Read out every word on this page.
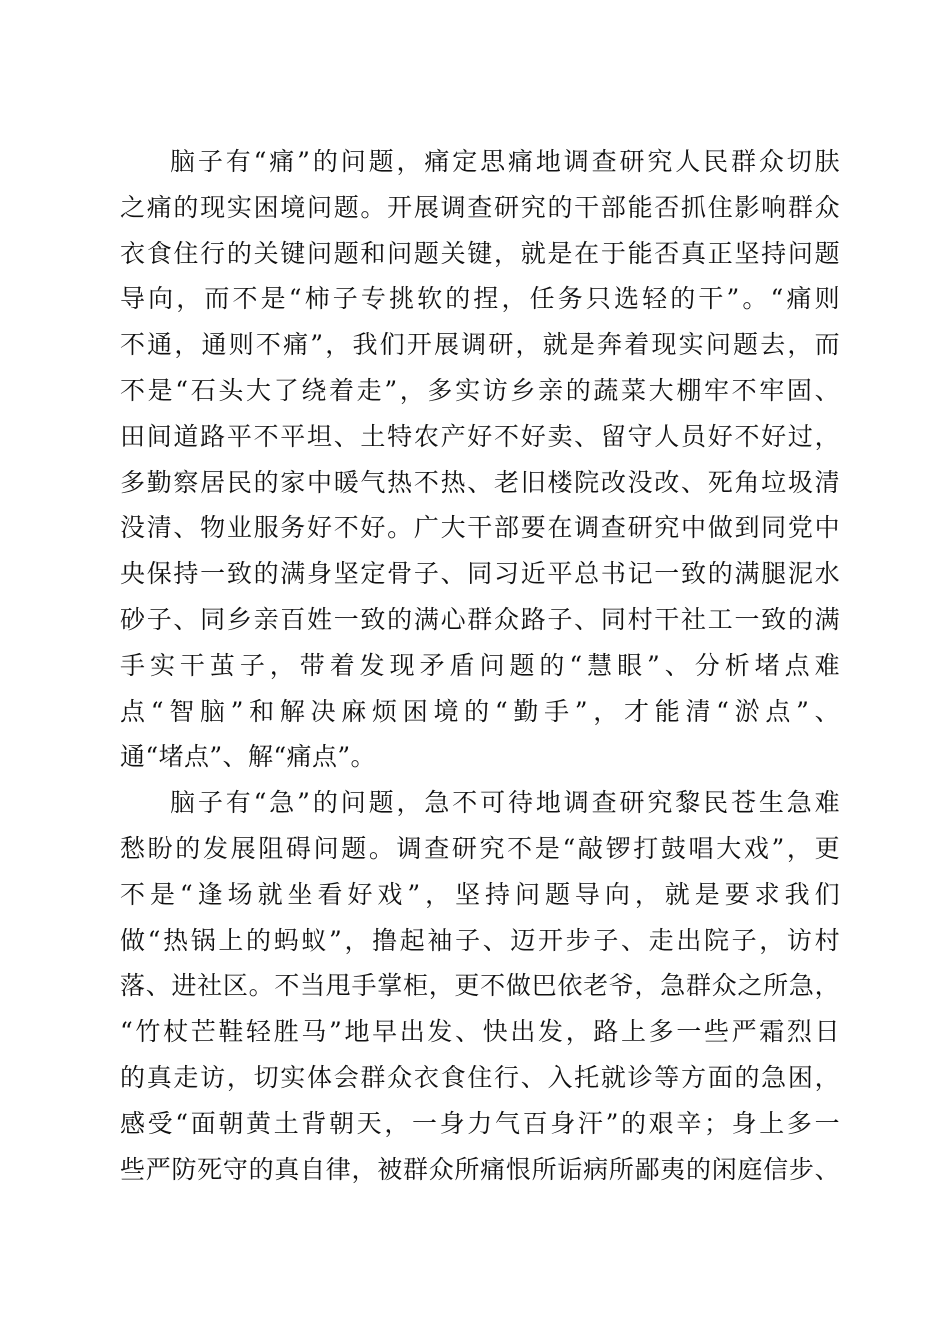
脑子有“痛”的问题，痛定思痛地调查研究人民群众切肤
之痛的现实困境问题。开展调查研究的干部能否抓住影响群众
衣食住行的关键问题和问题关键，就是在于能否真正坚持问题
导向，而不是“柿子专挑软的捏，任务只选轻的干”。“痛则
不通，通则不痛”，我们开展调研，就是奔着现实问题去，而
不是“石头大了绕着走”，多实访乡亲的蔬菜大棚牢不牢固、
田间道路平不平坦、土特农产好不好卖、留守人员好不好过，
多勤察居民的家中暖气热不热、老旧楼院改没改、死角垃圾清
没清、物业服务好不好。广大干部要在调查研究中做到同党中
央保持一致的满身坚定骨子、同习近平总书记一致的满腿泥水
砂子、同乡亲百姓一致的满心群众路子、同村干社工一致的满
手实干茧子，带着发现矛盾问题的“慧眼”、分析堵点难
点“智脑”和解决麻烦困境的“勤手”，才能清“淤点”、
通“堵点”、解“痛点”。
脑子有“急”的问题，急不可待地调查研究黎民苍生急难
愁盼的发展阻碍问题。调查研究不是“敲锣打鼓唱大戏”，更
不是“逢场就坐看好戏”，坚持问题导向，就是要求我们
做“热锅上的蚂蚁”，撸起袖子、迈开步子、走出院子，访村
落、进社区。不当甩手掌柜，更不做巴依老爷，急群众之所急，
“竹杖芒鞋轻胜马”地早出发、快出发，路上多一些严霜烈日
的真走访，切实体会群众衣食住行、入托就诊等方面的急困，
感受“面朝黄土背朝天，一身力气百身汗”的艰辛；身上多一
些严防死守的真自律，被群众所痛恨所诟病所鄙夷的闲庭信步、
